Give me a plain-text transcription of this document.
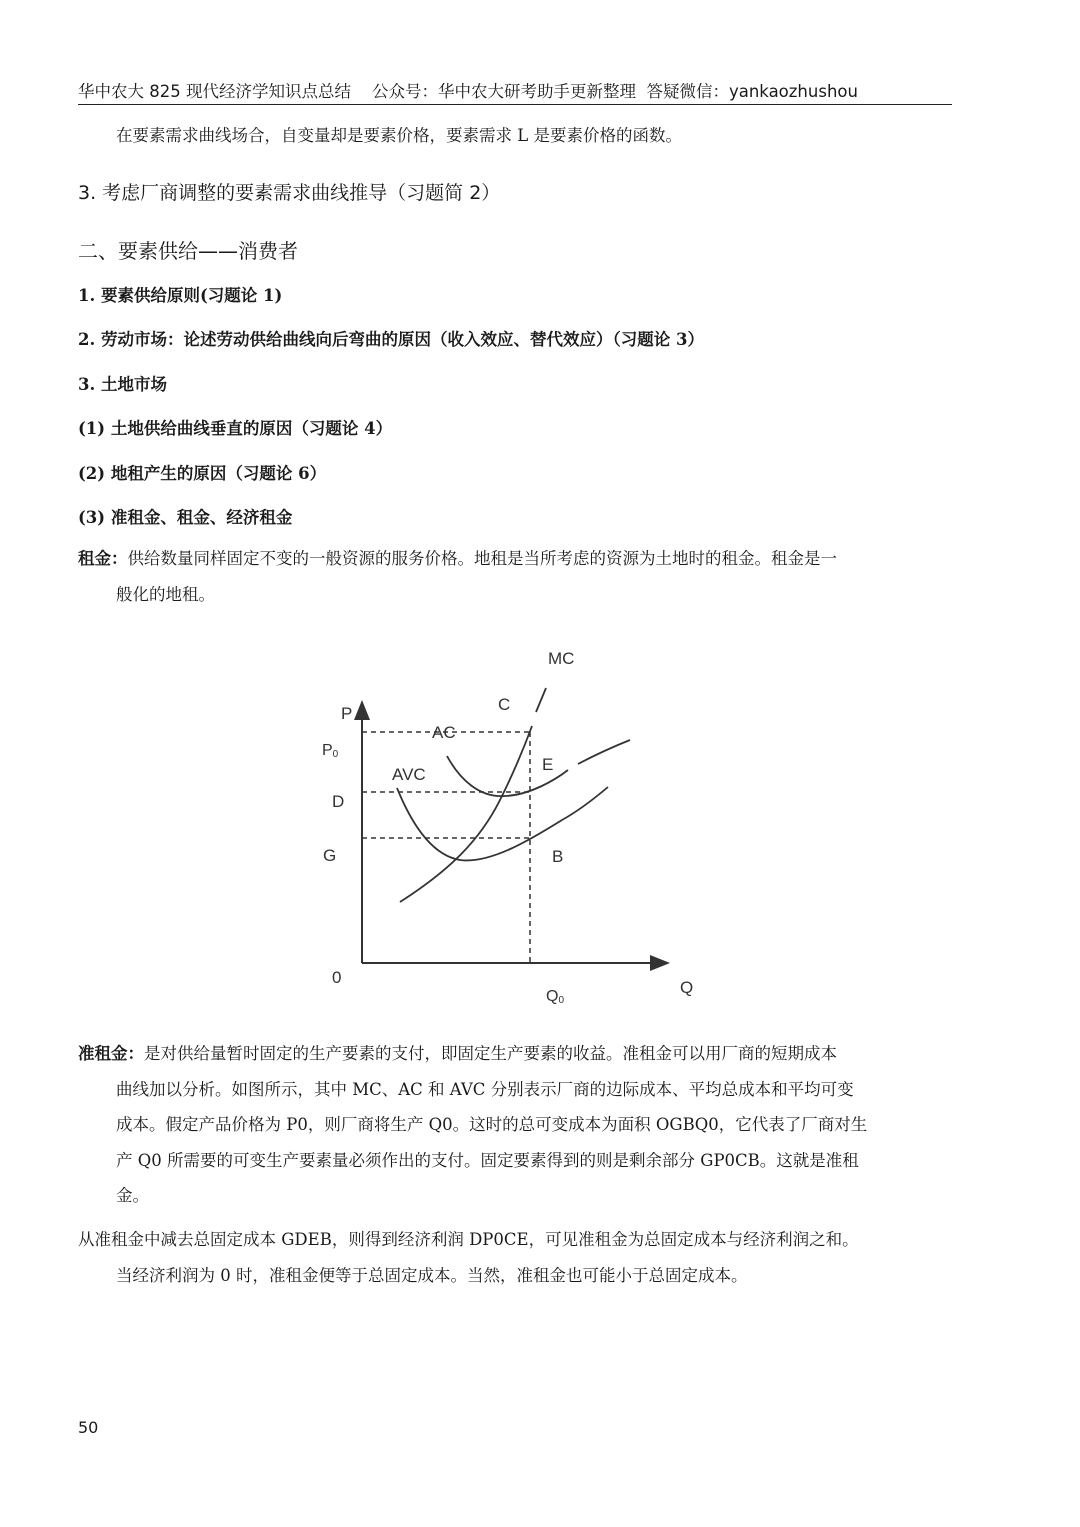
华中农大 825 现代经济学知识点总结 公众号：华中农大研考助手更新整理 答疑微信：yankaozhushou
在要素需求曲线场合，自变量却是要素价格，要素需求 L 是要素价格的函数。
3. 考虑厂商调整的要素需求曲线推导（习题简 2）
二、要素供给——消费者
1. 要素供给原则(习题论 1)
2. 劳动市场：论述劳动供给曲线向后弯曲的原因（收入效应、替代效应）（习题论 3）
3. 土地市场
(1) 土地供给曲线垂直的原因（习题论 4）
(2) 地租产生的原因（习题论 6）
(3) 准租金、租金、经济租金
租金：供给数量同样固定不变的一般资源的服务价格。地租是当所考虑的资源为土地时的租金。租金是一
般化的地租。
MC
AC
AVC
C
E
B
P
P0
D
G
0
Q0
Q
准租金：是对供给量暂时固定的生产要素的支付，即固定生产要素的收益。准租金可以用厂商的短期成本
曲线加以分析。如图所示，其中 MC、AC 和 AVC 分别表示厂商的边际成本、平均总成本和平均可变
成本。假定产品价格为 P0，则厂商将生产 Q0。这时的总可变成本为面积 OGBQ0，它代表了厂商对生
产 Q0 所需要的可变生产要素量必须作出的支付。固定要素得到的则是剩余部分 GP0CB。这就是准租
金。
从准租金中减去总固定成本 GDEB，则得到经济利润 DP0CE，可见准租金为总固定成本与经济利润之和。
当经济利润为 0 时，准租金便等于总固定成本。当然，准租金也可能小于总固定成本。
50
